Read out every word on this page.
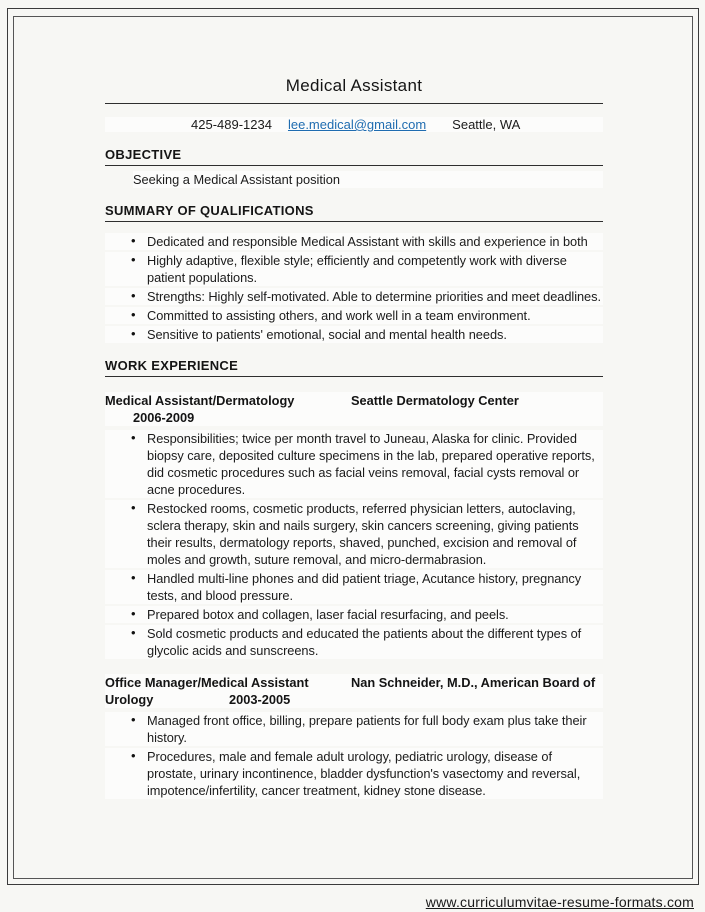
Medical Assistant
425-489-1234 lee.medical@gmail.com Seattle, WA
OBJECTIVE

Seeking a Medical Assistant position

SUMMARY OF QUALIFICATIONS
• Dedicated and responsible Medical Assistant with skills and experience in both
• Highly adaptive, flexible style; efficiently and competently work with diverse patient populations.
• Strengths: Highly self-motivated. Able to determine priorities and meet deadlines.
• Committed to assisting others, and work well in a team environment.
• Sensitive to patients' emotional, social and mental health needs.
WORK EXPERIENCE
Medical Assistant/Dermatology	Seattle Dermatology Center
2006-2009
• Responsibilities; twice per month travel to Juneau, Alaska for clinic. Provided biopsy care, deposited culture specimens in the lab, prepared operative reports, did cosmetic procedures such as facial veins removal, facial cysts removal or acne procedures.
• Restocked rooms, cosmetic products, referred physician letters, autoclaving, sclera therapy, skin and nails surgery, skin cancers screening, giving patients their results, dermatology reports, shaved, punched, excision and removal of moles and growth, suture removal, and micro-dermabrasion.
• Handled multi-line phones and did patient triage, Acutance history, pregnancy tests, and blood pressure.
• Prepared botox and collagen, laser facial resurfacing, and peels.
• Sold cosmetic products and educated the patients about the different types of glycolic acids and sunscreens.
Office Manager/Medical Assistant	Nan Schneider, M.D., American Board of
Urology	2003-2005
• Managed front office, billing, prepare patients for full body exam plus take their history.
• Procedures, male and female adult urology, pediatric urology, disease of prostate, urinary incontinence, bladder dysfunction's vasectomy and reversal, impotence/infertility, cancer treatment, kidney stone disease.
www.curriculumvitae-resume-formats.com
